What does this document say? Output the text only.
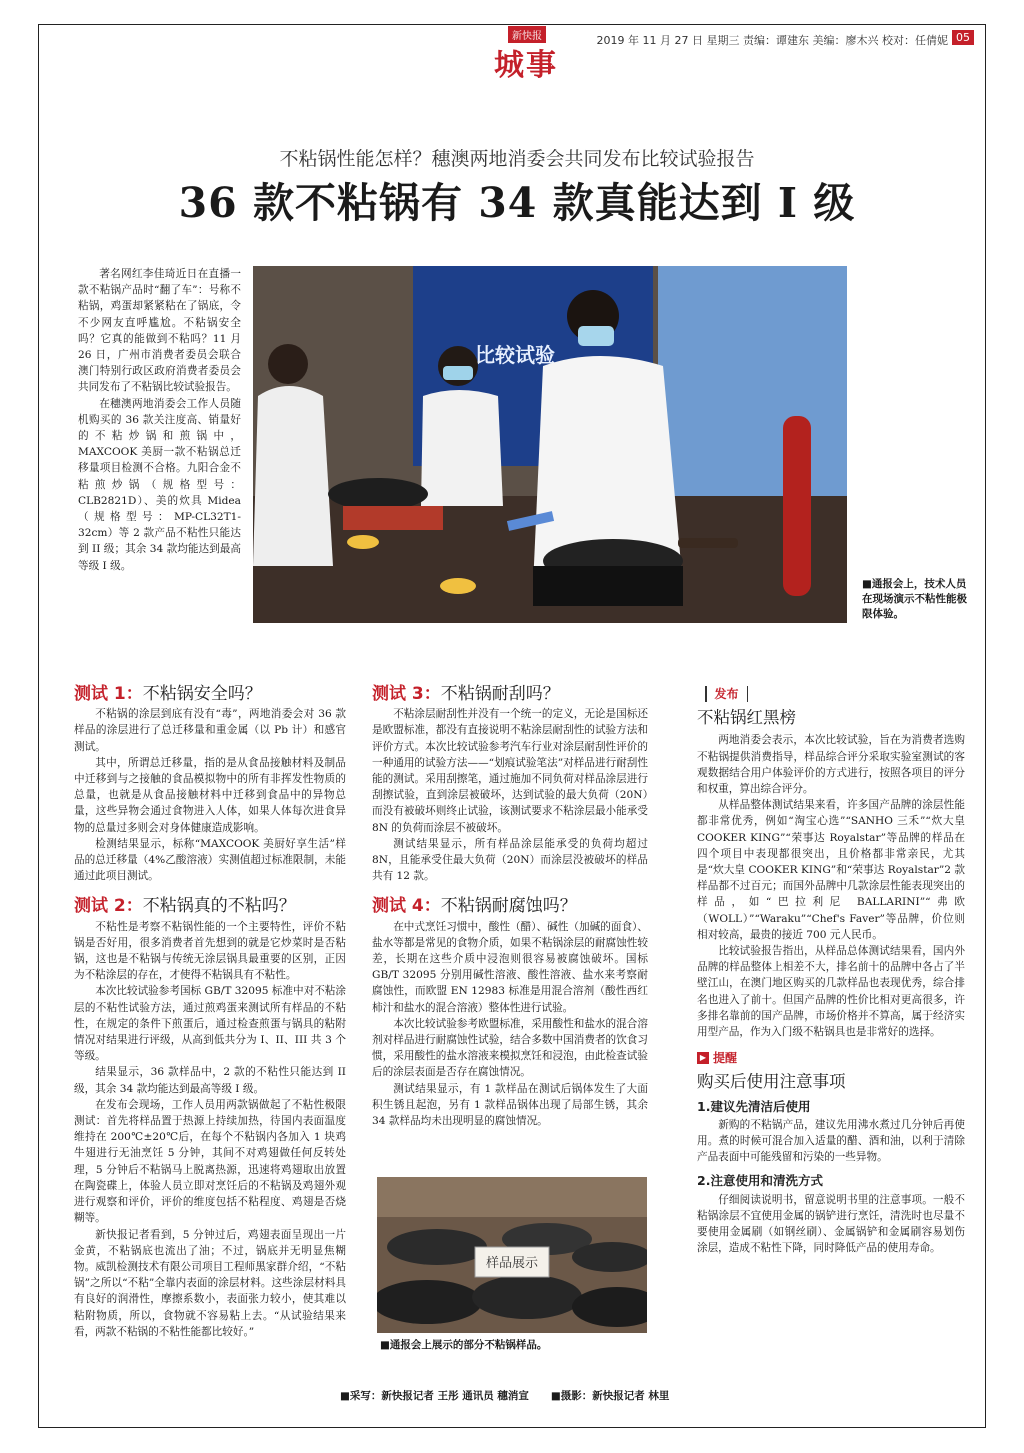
新快报
城事
2019 年 11 月 27 日 星期三 责编：谭建东 美编：廖木兴 校对：任倩妮 05
不粘锅性能怎样？穗澳两地消委会共同发布比较试验报告
36 款不粘锅有 34 款真能达到 I 级

著名网红李佳琦近日在直播一款不粘锅产品时“翻了车”：号称不粘锅，鸡蛋却紧紧粘在了锅底，令不少网友直呼尴尬。不粘锅安全吗？它真的能做到不粘吗？11 月 26 日，广州市消费者委员会联合澳门特别行政区政府消费者委员会共同发布了不粘锅比较试验报告。

在穗澳两地消委会工作人员随机购买的 36 款关注度高、销量好的不粘炒锅和煎锅中，MAXCOOK 美厨一款不粘锅总迁移量项目检测不合格。九阳合金不粘煎炒锅（规格型号：CLB2821D）、美的炊具 Midea（规格型号：MP-CL32T1-32cm）等 2 款产品不粘性只能达到 II 级；其余 34 款均能达到最高等级 I 级。

比较试验
■通报会上，技术人员在现场演示不粘性能极限体验。
测试 1：不粘锅安全吗？

不粘锅的涂层到底有没有“毒”，两地消委会对 36 款样品的涂层进行了总迁移量和重金属（以 Pb 计）和感官测试。

其中，所谓总迁移量，指的是从食品接触材料及制品中迁移到与之接触的食品模拟物中的所有非挥发性物质的总量，也就是从食品接触材料中迁移到食品中的异物总量，这些异物会通过食物进入人体，如果人体每次进食异物的总量过多则会对身体健康造成影响。

检测结果显示，标称“MAXCOOK 美厨好享生活”样品的总迁移量（4%乙酸溶液）实测值超过标准限制，未能通过此项目测试。

测试 2：不粘锅真的不粘吗？

不粘性是考察不粘锅性能的一个主要特性，评价不粘锅是否好用，很多消费者首先想到的就是它炒菜时是否粘锅，这也是不粘锅与传统无涂层锅具最重要的区别，正因为不粘涂层的存在，才使得不粘锅具有不粘性。

本次比较试验参考国标 GB/T 32095 标准中对不粘涂层的不粘性试验方法，通过煎鸡蛋来测试所有样品的不粘性，在规定的条件下煎蛋后，通过检查煎蛋与锅具的粘附情况对结果进行评级，从高到低共分为 I、II、III 共 3 个等级。

结果显示，36 款样品中，2 款的不粘性只能达到 II 级，其余 34 款均能达到最高等级 I 级。

在发布会现场，工作人员用两款锅做起了不粘性极限测试：首先将样品置于热源上持续加热，待国内表面温度维持在 200℃±20℃后，在每个不粘锅内各加入 1 块鸡牛翅进行无油烹饪 5 分钟，其间不对鸡翅做任何反转处理，5 分钟后不粘锅马上脱离热源，迅速将鸡翅取出放置在陶瓷碟上，体验人员立即对烹饪后的不粘锅及鸡翅外观进行观察和评价，评价的维度包括不粘程度、鸡翅是否烧糊等。

新快报记者看到，5 分钟过后，鸡翅表面呈现出一片金黄，不粘锅底也流出了油；不过，锅底并无明显焦糊物。威凯检测技术有限公司项目工程师黑家群介绍，“不粘锅”之所以“不粘”全靠内表面的涂层材料。这些涂层材料具有良好的润滑性，摩擦系数小，表面张力较小，使其难以粘附物质，所以，食物就不容易粘上去。“从试验结果来看，两款不粘锅的不粘性能都比较好。”

测试 3：不粘锅耐刮吗？

不粘涂层耐刮性并没有一个统一的定义，无论是国标还是欧盟标准，都没有直接说明不粘涂层耐刮性的试验方法和评价方式。本次比较试验参考汽车行业对涂层耐刮性评价的一种通用的试验方法——“划痕试验笔法”对样品进行耐刮性能的测试。采用刮擦笔，通过施加不同负荷对样品涂层进行刮擦试验，直到涂层被破坏，达到试验的最大负荷（20N）而没有被破坏则终止试验，该测试要求不粘涂层最小能承受 8N 的负荷而涂层不被破坏。

测试结果显示，所有样品涂层能承受的负荷均超过 8N，且能承受住最大负荷（20N）而涂层没被破坏的样品共有 12 款。

测试 4：不粘锅耐腐蚀吗？

在中式烹饪习惯中，酸性（醋）、碱性（加碱的面食）、盐水等都是常见的食物介质，如果不粘锅涂层的耐腐蚀性较差，长期在这些介质中浸泡则很容易被腐蚀破坏。国标 GB/T 32095 分别用碱性溶液、酸性溶液、盐水来考察耐腐蚀性，而欧盟 EN 12983 标准是用混合溶剂（酸性西红柿汁和盐水的混合溶液）整体性进行试验。

本次比较试验参考欧盟标准，采用酸性和盐水的混合溶剂对样品进行耐腐蚀性试验，结合多数中国消费者的饮食习惯，采用酸性的盐水溶液来模拟烹饪和浸泡，由此检查试验后的涂层表面是否存在腐蚀情况。

测试结果显示，有 1 款样品在测试后锅体发生了大面积生锈且起泡，另有 1 款样品锅体出现了局部生锈，其余 34 款样品均未出现明显的腐蚀情况。

样品展示
■通报会上展示的部分不粘锅样品。
发布
不粘锅红黑榜

两地消委会表示，本次比较试验，旨在为消费者选购不粘锅提供消费指导，样品综合评分采取实验室测试的客观数据结合用户体验评价的方式进行，按照各项目的评分和权重，算出综合评分。

从样品整体测试结果来看，许多国产品牌的涂层性能都非常优秀，例如“淘宝心选”“SANHO 三禾”“炊大皇 COOKER KING”“荣事达 Royalstar”等品牌的样品在四个项目中表现都很突出，且价格都非常亲民，尤其是“炊大皇 COOKER KING”和“荣事达 Royalstar”2 款样品都不过百元；而国外品牌中几款涂层性能表现突出的样品，如“巴拉利尼 BALLARINI”“弗欧（WOLL）”“Waraku”“Chef's Faver”等品牌，价位则相对较高，最贵的接近 700 元人民币。

比较试验报告指出，从样品总体测试结果看，国内外品牌的样品整体上相差不大，排名前十的品牌中各占了半壁江山，在澳门地区购买的几款样品也表现优秀，综合排名也进入了前十。但国产品牌的性价比相对更高很多，许多排名靠前的国产品牌，市场价格并不算高，属于经济实用型产品，作为入门级不粘锅具也是非常好的选择。

▶ 提醒
购买后使用注意事项
1.建议先清洁后使用

新购的不粘锅产品，建议先用沸水煮过几分钟后再使用。煮的时候可混合加入适量的醋、酒和油，以利于清除产品表面中可能残留和污染的一些异物。

2.注意使用和清洗方式

仔细阅读说明书，留意说明书里的注意事项。一般不粘锅涂层不宜使用金属的锅铲进行烹饪，清洗时也尽量不要使用金属刷（如钢丝刷）、金属锅铲和金属刷容易划伤涂层，造成不粘性下降，同时降低产品的使用寿命。

■采写：新快报记者 王彤 通讯员 穗消宣 ■摄影：新快报记者 林里
